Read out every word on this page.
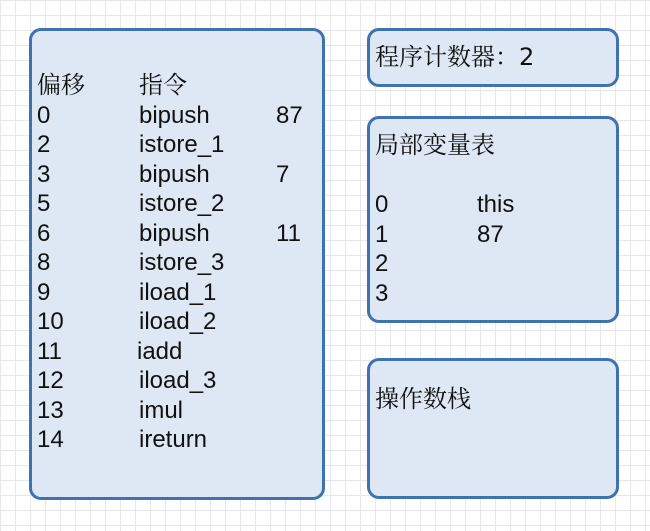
偏移 指令
0	bipush	87
2	istore_1
3	bipush	7
5	istore_2
6	bipush	11
8	istore_3
9	iload_1
10	iload_2
11	iadd
12	iload_3
13	imul
14	ireturn
程序计数器：2
局部变量表
0	this
1	87
2
3
操作数栈
